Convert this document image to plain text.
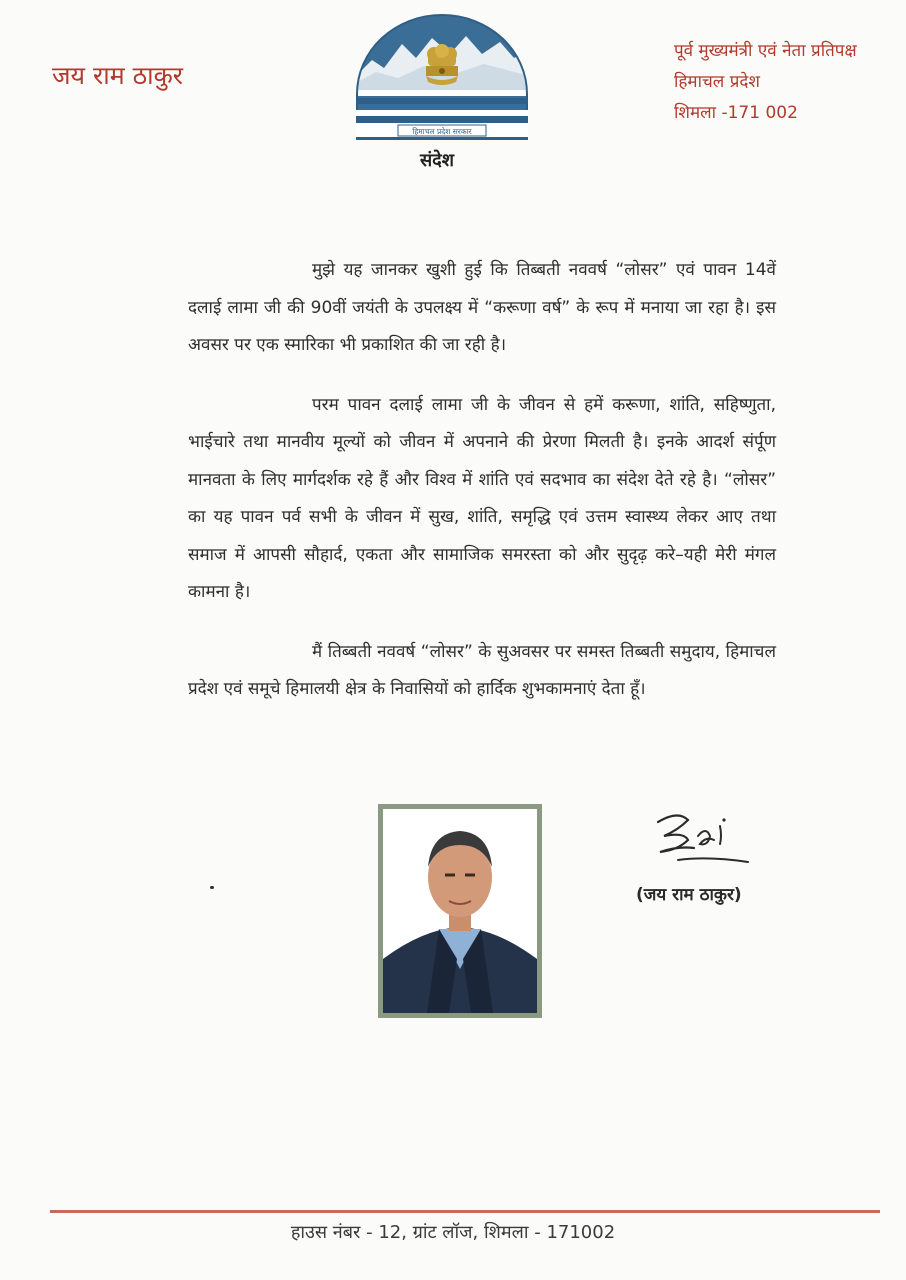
जय राम ठाकुर
हिमाचल प्रदेश सरकार
संदेश
पूर्व मुख्यमंत्री एवं नेता प्रतिपक्ष
हिमाचल प्रदेश
शिमला -171 002

मुझे यह जानकर खुशी हुई कि तिब्बती नववर्ष “लोसर” एवं पावन 14वें दलाई लामा जी की 90वीं जयंती के उपलक्ष्य में “करूणा वर्ष” के रूप में मनाया जा रहा है। इस अवसर पर एक स्मारिका भी प्रकाशित की जा रही है।

परम पावन दलाई लामा जी के जीवन से हमें करूणा, शांति, सहिष्णुता, भाईचारे तथा मानवीय मूल्यों को जीवन में अपनाने की प्रेरणा मिलती है। इनके आदर्श संर्पूण मानवता के लिए मार्गदर्शक रहे हैं और विश्व में शांति एवं सदभाव का संदेश देते रहे है। “लोसर” का यह पावन पर्व सभी के जीवन में सुख, शांति, समृद्धि एवं उत्तम स्वास्थ्य लेकर आए तथा समाज में आपसी सौहार्द, एकता और सामाजिक समरस्ता को और सुदृढ़ करे–यही मेरी मंगल कामना है।

मैं तिब्बती नववर्ष “लोसर” के सुअवसर पर समस्त तिब्बती समुदाय, हिमाचल प्रदेश एवं समूचे हिमालयी क्षेत्र के निवासियों को हार्दिक शुभकामनाएं देता हूँ।

(जय राम ठाकुर)
हाउस नंबर - 12, ग्रांट लॉज, शिमला - 171002
